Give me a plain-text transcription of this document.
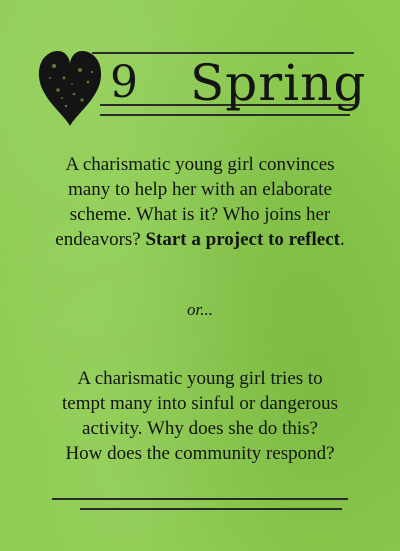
9 Spring
A charismatic young girl convinces
many to help her with an elaborate
scheme. What is it? Who joins her
endeavors? Start a project to reflect.
or...
A charismatic young girl tries to
tempt many into sinful or dangerous
activity. Why does she do this?
How does the community respond?
